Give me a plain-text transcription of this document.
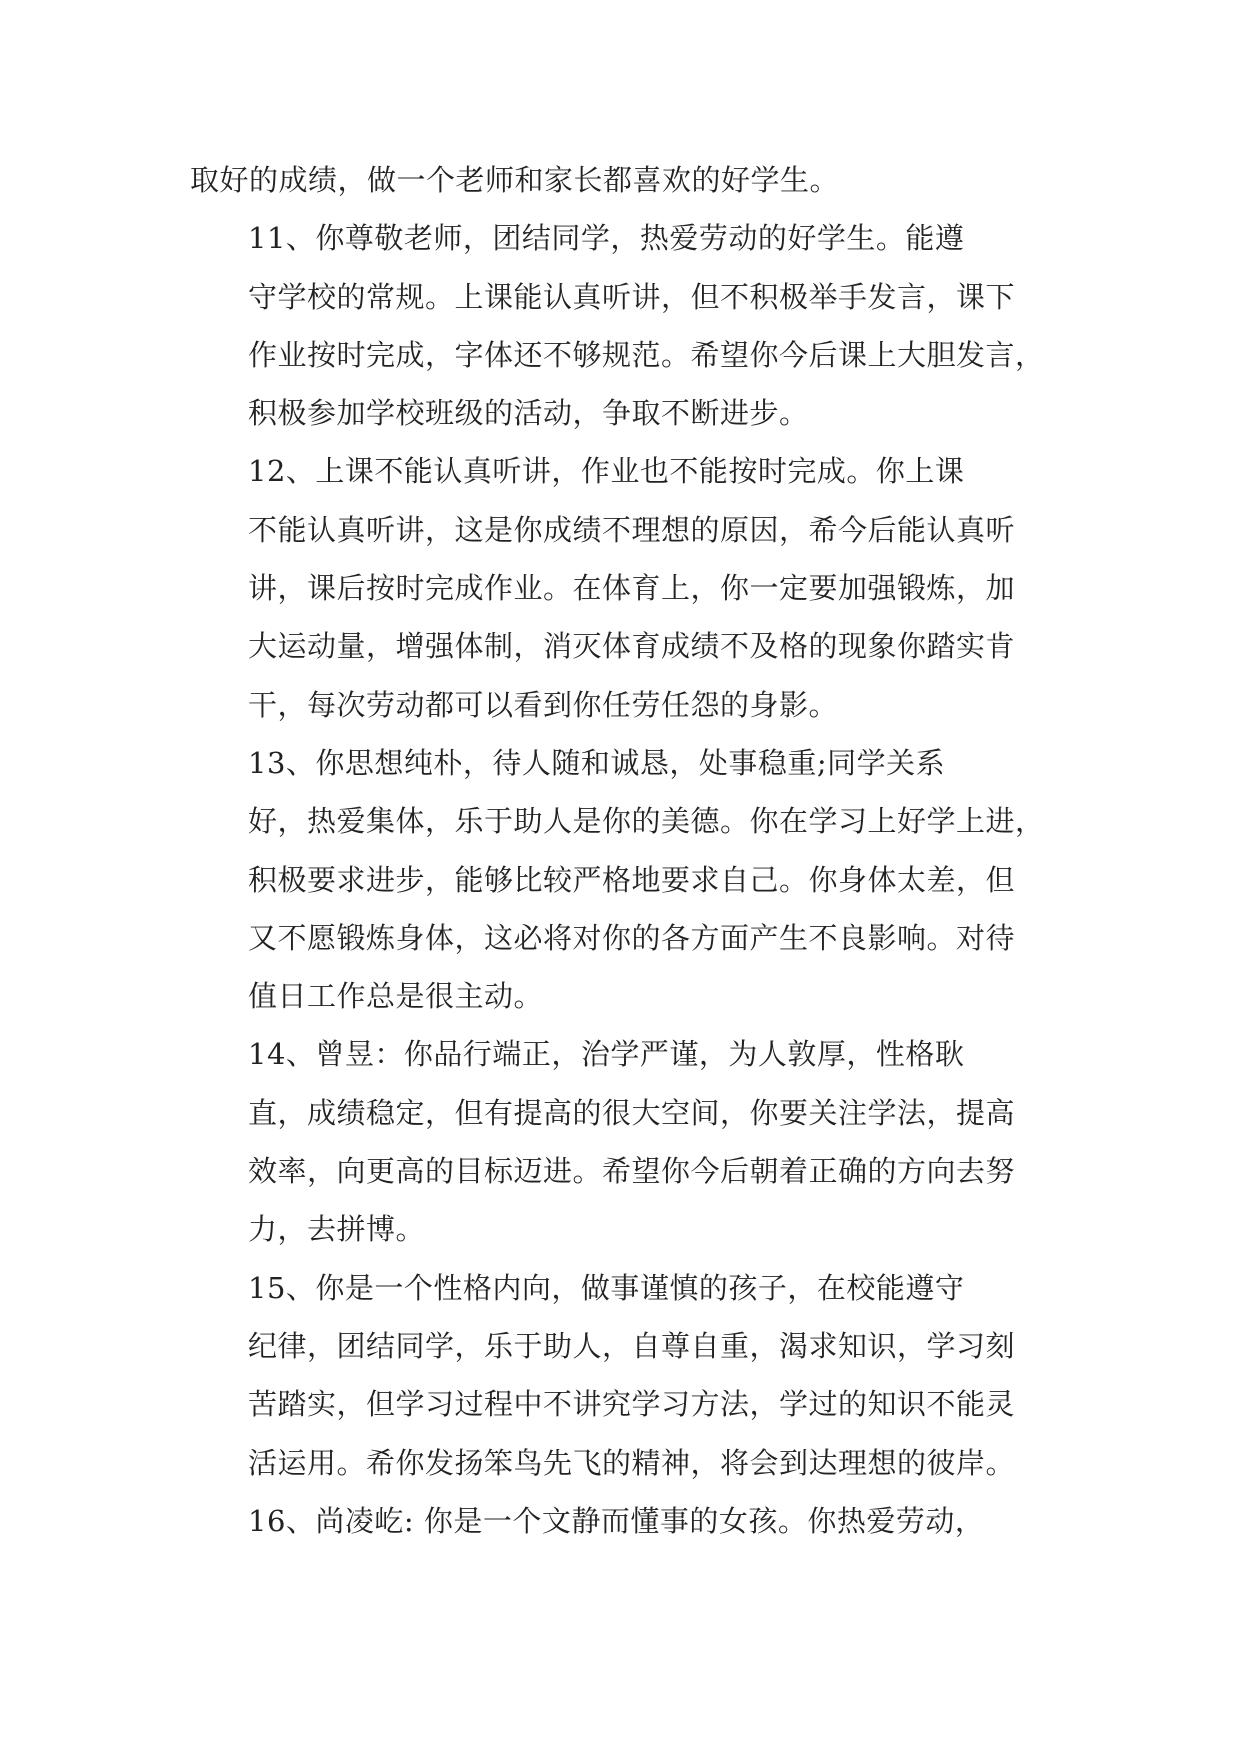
取好的成绩，做一个老师和家长都喜欢的好学生。

11、你尊敬老师，团结同学，热爱劳动的好学生。能遵
守学校的常规。上课能认真听讲，但不积极举手发言，课下
作业按时完成，字体还不够规范。希望你今后课上大胆发言，
积极参加学校班级的活动，争取不断进步。

12、上课不能认真听讲，作业也不能按时完成。你上课
不能认真听讲，这是你成绩不理想的原因，希今后能认真听
讲，课后按时完成作业。在体育上，你一定要加强锻炼，加
大运动量，增强体制，消灭体育成绩不及格的现象你踏实肯
干，每次劳动都可以看到你任劳任怨的身影。

13、你思想纯朴，待人随和诚恳，处事稳重;同学关系
好，热爱集体，乐于助人是你的美德。你在学习上好学上进，
积极要求进步，能够比较严格地要求自己。你身体太差，但
又不愿锻炼身体，这必将对你的各方面产生不良影响。对待
值日工作总是很主动。

14、曾昱：你品行端正，治学严谨，为人敦厚，性格耿
直，成绩稳定，但有提高的很大空间，你要关注学法，提高
效率，向更高的目标迈进。希望你今后朝着正确的方向去努
力，去拼博。

15、你是一个性格内向，做事谨慎的孩子，在校能遵守
纪律，团结同学，乐于助人，自尊自重，渴求知识，学习刻
苦踏实，但学习过程中不讲究学习方法，学过的知识不能灵
活运用。希你发扬笨鸟先飞的精神，将会到达理想的彼岸。

16、尚凌屹: 你是一个文静而懂事的女孩。你热爱劳动，
